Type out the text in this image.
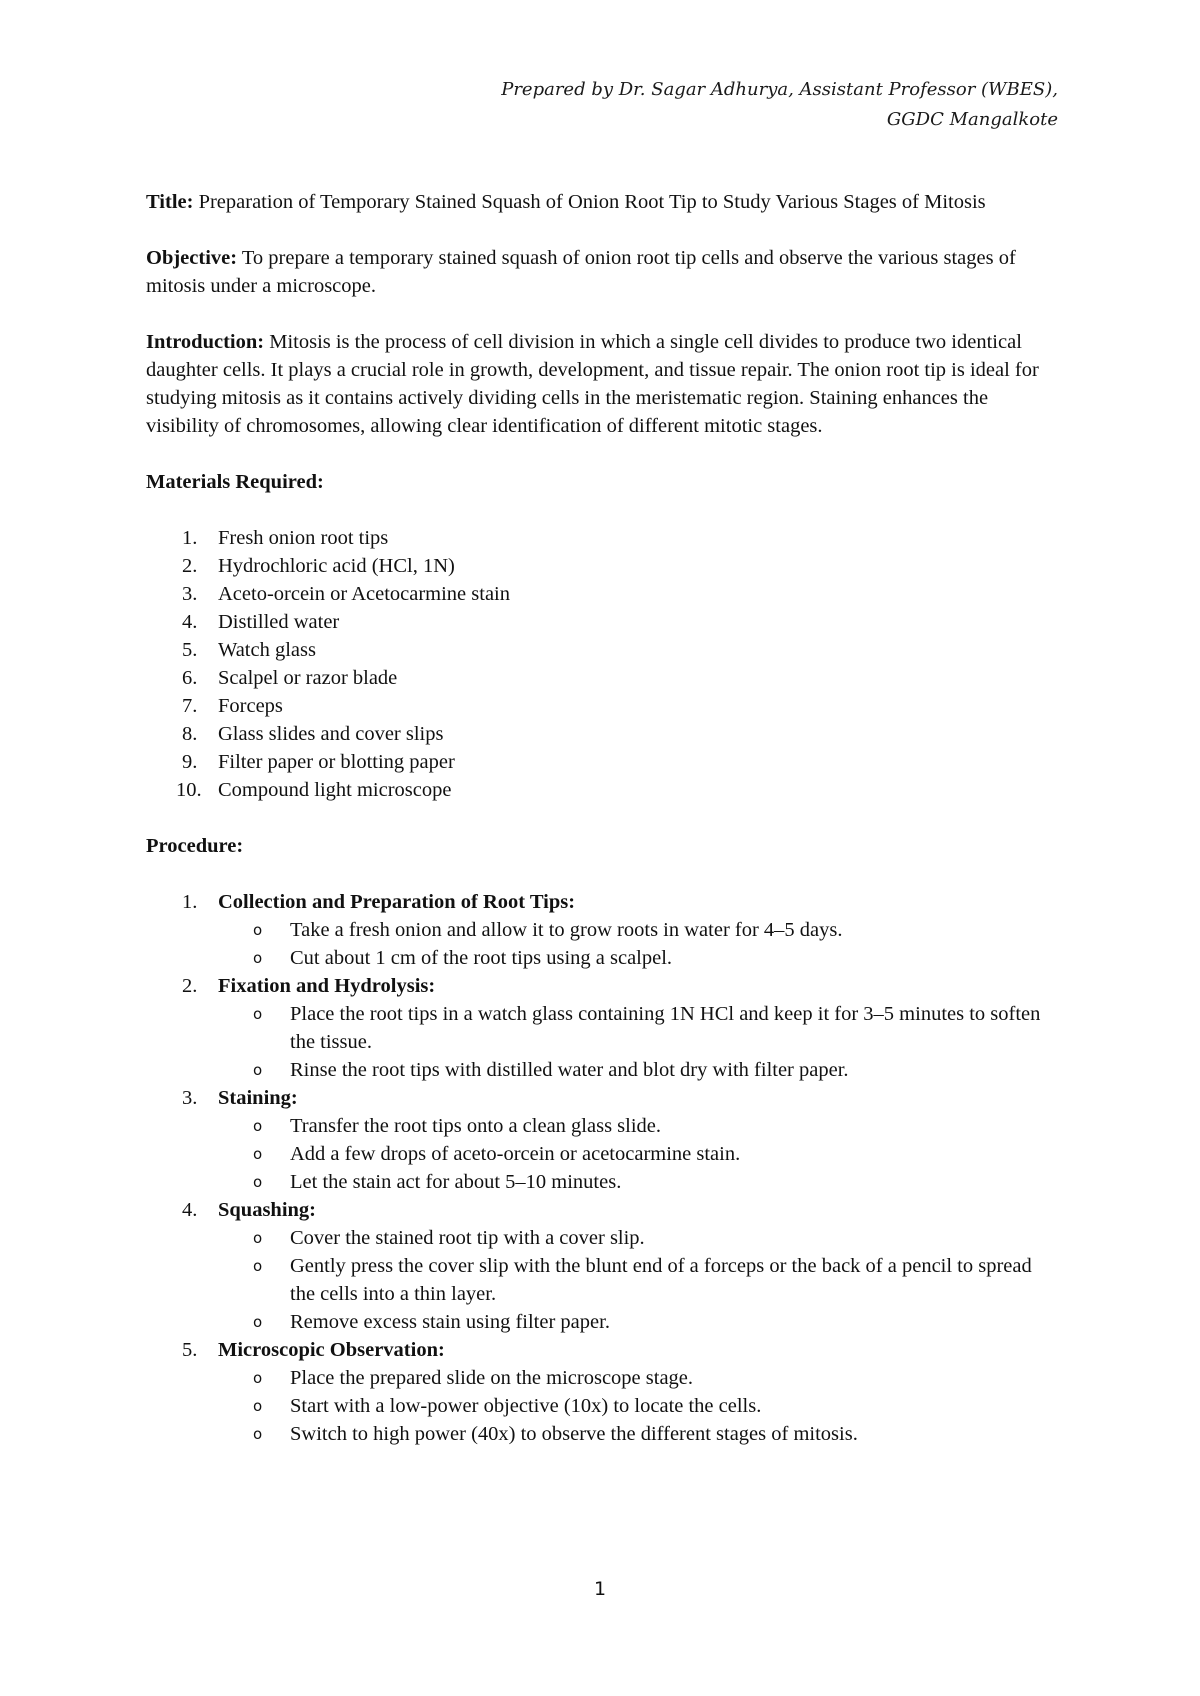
Prepared by Dr. Sagar Adhurya, Assistant Professor (WBES),
GGDC Mangalkote

Title: Preparation of Temporary Stained Squash of Onion Root Tip to Study Various Stages of Mitosis

Objective: To prepare a temporary stained squash of onion root tip cells and observe the various stages of mitosis under a microscope.

Introduction: Mitosis is the process of cell division in which a single cell divides to produce two identical daughter cells. It plays a crucial role in growth, development, and tissue repair. The onion root tip is ideal for studying mitosis as it contains actively dividing cells in the meristematic region. Staining enhances the visibility of chromosomes, allowing clear identification of different mitotic stages.

Materials Required:
1.	Fresh onion root tips
2.	Hydrochloric acid (HCl, 1N)
3.	Aceto-orcein or Acetocarmine stain
4.	Distilled water
5.	Watch glass
6.	Scalpel or razor blade
7.	Forceps
8.	Glass slides and cover slips
9.	Filter paper or blotting paper
10. Compound light microscope
Procedure:
1.	Collection and Preparation of Root Tips:
o Take a fresh onion and allow it to grow roots in water for 4–5 days.
o Cut about 1 cm of the root tips using a scalpel.
2.	Fixation and Hydrolysis:
o Place the root tips in a watch glass containing 1N HCl and keep it for 3–5 minutes to soften the tissue.
o Rinse the root tips with distilled water and blot dry with filter paper.
3.	Staining:
o Transfer the root tips onto a clean glass slide.
o Add a few drops of aceto-orcein or acetocarmine stain.
o Let the stain act for about 5–10 minutes.
4.	Squashing:
o Cover the stained root tip with a cover slip.
o Gently press the cover slip with the blunt end of a forceps or the back of a pencil to spread the cells into a thin layer.
o Remove excess stain using filter paper.
5.	Microscopic Observation:
o Place the prepared slide on the microscope stage.
o Start with a low-power objective (10x) to locate the cells.
o Switch to high power (40x) to observe the different stages of mitosis.
1
